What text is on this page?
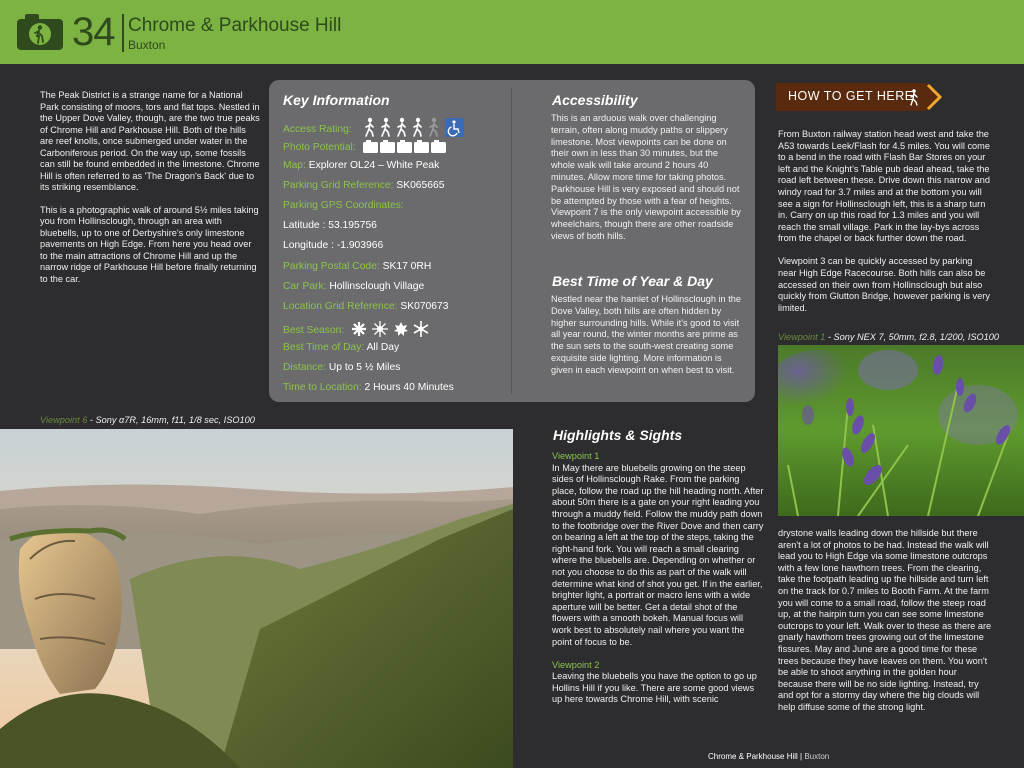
34 Chrome & Parkhouse Hill
Buxton

The Peak District is a strange name for a National Park consisting of moors, tors and flat tops. Nestled in the Upper Dove Valley, though, are the two true peaks of Chrome Hill and Parkhouse Hill. Both of the hills are reef knolls, once submerged under water in the Carboniferous period. On the way up, some fossils can still be found embedded in the limestone. Chrome Hill is often referred to as 'The Dragon's Back' due to its striking resemblance.

This is a photographic walk of around 5½ miles taking you from Hollinsclough, through an area with bluebells, up to one of Derbyshire's only limestone pavements on High Edge. From here you head over to the main attractions of Chrome Hill and up the narrow ridge of Parkhouse Hill before finally returning to the car.

Key Information
Access Rating:
Photo Potential:
Map: Explorer OL24 – White Peak
Parking Grid Reference: SK065665
Parking GPS Coordinates:
Latitude : 53.195756
Longitude : -1.903966
Parking Postal Code: SK17 0RH
Car Park: Hollinsclough Village
Location Grid Reference: SK070673
Best Season:
Best Time of Day: All Day
Distance: Up to 5 ½ Miles
Time to Location: 2 Hours 40 Minutes
Accessibility
This is an arduous walk over challenging terrain, often along muddy paths or slippery limestone. Most viewpoints can be done on their own in less than 30 minutes, but the whole walk will take around 2 hours 40 minutes. Allow more time for taking photos. Parkhouse Hill is very exposed and should not be attempted by those with a fear of heights. Viewpoint 7 is the only viewpoint accessible by wheelchairs, though there are other roadside views of both hills.
Best Time of Year & Day
Nestled near the hamlet of Hollinsclough in the Dove Valley, both hills are often hidden by higher surrounding hills. While it's good to visit all year round, the winter months are prime as the sun sets to the south-west creating some exquisite side lighting. More information is given in each viewpoint on when best to visit.
HOW TO GET HERE

From Buxton railway station head west and take the A53 towards Leek/Flash for 4.5 miles. You will come to a bend in the road with Flash Bar Stores on your left and the Knight's Table pub dead ahead, take the road left between these. Drive down this narrow and windy road for 3.7 miles and at the bottom you will see a sign for Hollinsclough left, this is a sharp turn in. Carry on up this road for 1.3 miles and you will reach the small village. Park in the lay-bys across from the chapel or back further down the road.

Viewpoint 3 can be quickly accessed by parking near High Edge Racecourse. Both hills can also be accessed on their own from Hollinsclough but also quickly from Glutton Bridge, however parking is very limited.

Viewpoint 1 - Sony NEX 7, 50mm, f2.8, 1/200, ISO100
Viewpoint 6 - Sony α7R, 16mm, f11, 1/8 sec, ISO100
Highlights & Sights
Viewpoint 1

In May there are bluebells growing on the steep sides of Hollinsclough Rake. From the parking place, follow the road up the hill heading north. After about 50m there is a gate on your right leading you through a muddy field. Follow the muddy path down to the footbridge over the River Dove and then carry on bearing a left at the top of the steps, taking the right-hand fork. You will reach a small clearing where the bluebells are. Depending on whether or not you choose to do this as part of the walk will determine what kind of shot you get. If in the earlier, brighter light, a portrait or macro lens with a wide aperture will be better. Get a detail shot of the flowers with a smooth bokeh. Manual focus will work best to absolutely nail where you want the point of focus to be.

Viewpoint 2

Leaving the bluebells you have the option to go up Hollins Hill if you like. There are some good views up here towards Chrome Hill, with scenic

drystone walls leading down the hillside but there aren't a lot of photos to be had. Instead the walk will lead you to High Edge via some limestone outcrops with a few lone hawthorn trees. From the clearing, take the footpath leading up the hillside and turn left on the track for 0.7 miles to Booth Farm. At the farm you will come to a small road, follow the steep road up, at the hairpin turn you can see some limestone outcrops to your left. Walk over to these as there are gnarly hawthorn trees growing out of the limestone fissures. May and June are a good time for these trees because they have leaves on them. You won't be able to shoot anything in the golden hour because there will be no side lighting. Instead, try and opt for a stormy day where the big clouds will help diffuse some of the strong light.
Chrome & Parkhouse Hill | Buxton
